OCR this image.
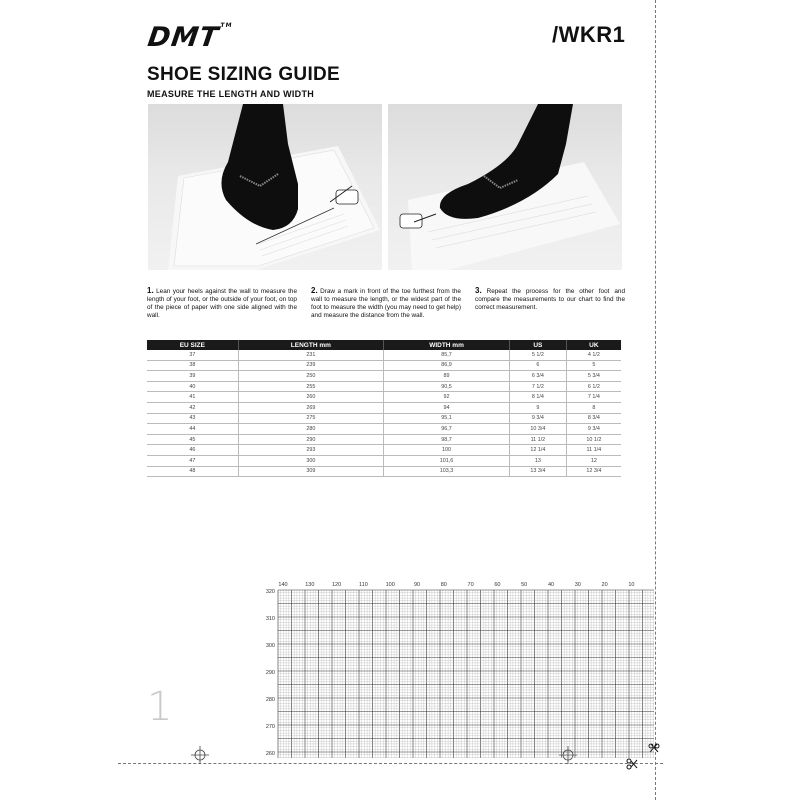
DMT™	/WKR1
SHOE SIZING GUIDE
MEASURE THE LENGTH AND WIDTH
1. Lean your heels against the wall to measure the length of your foot, or the outside of your foot, on top of the piece of paper with one side aligned with the wall.
2. Draw a mark in front of the toe furthest from the wall to measure the length, or the widest part of the foot to measure the width (you may need to get help) and measure the distance from the wall.
3. Repeat the process for the other foot and compare the measurements to our chart to find the correct measurement.
EU SIZE	LENGTH mm	WIDTH mm	US	UK
37	231	85,7	5 1/2	4 1/2
38	239	86,9	6	5
39	250	89	6 3/4	5 3/4
40	255	90,5	7 1/2	6 1/2
41	260	92	8 1/4	7 1/4
42	269	94	9	8
43	275	95,1	9 3/4	8 3/4
44	280	96,7	10 3/4	9 3/4
45	290	98,7	11 1/2	10 1/2
46	293	100	12 1/4	11 1/4
47	300	101,6	13	12
48	309	103,3	13 3/4	12 3/4
1
140	130	120	110	100	90	80	70	60	50	40	30	20	10
320
310
300
290
280
270
260
